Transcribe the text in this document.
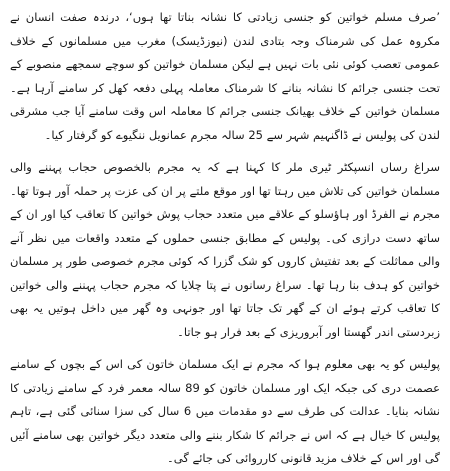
’صرف مسلم خواتین کو جنسی زیادتی کا نشانہ بناتا تھا ہوں‘، درندہ صفت انسان نے مکروہ عمل کی شرمناک وجہ بتادی لندن (نیوزڈیسک) مغرب میں مسلمانوں کے خلاف عمومی تعصب کوئی نئی بات نہیں ہے لیکن مسلمان خواتین کو سوچے سمجھے منصوبے کے تحت جنسی جرائم کا نشانہ بنانے کا شرمناک معاملہ پہلی دفعہ کھل کر سامنے آرہا ہے۔ مسلمان خواتین کے خلاف بھیانک جنسی جرائم کا معاملہ اس وقت سامنے آیا جب مشرقی لندن کی پولیس نے ڈاگنہیم شہر سے 25 سالہ مجرم عمانویل ننگیوے کو گرفتار کیا۔

سراغ رساں انسپکٹر ٹیری ملر کا کہنا ہے کہ یہ مجرم بالخصوص حجاب پہننے والی مسلمان خواتین کی تلاش میں رہتا تھا اور موقع ملتے پر ان کی عزت پر حملہ آور ہوتا تھا۔ مجرم نے الفرڈ اور ہاؤسلو کے علاقے میں متعدد حجاب پوش خواتین کا تعاقب کیا اور ان کے ساتھ دست درازی کی۔ پولیس کے مطابق جنسی حملوں کے متعدد واقعات میں نظر آنے والی مماثلت کے بعد تفتیش کاروں کو شک گزرا کہ کوئی مجرم خصوصی طور پر مسلمان خواتین کو ہدف بنا رہا تھا۔ سراغ رسانوں نے پتا چلایا کہ مجرم حجاب پہننے والی خواتین کا تعاقب کرتے ہوئے ان کے گھر تک جاتا تھا اور جونہی وہ گھر میں داخل ہوتیں یہ بھی زبردستی اندر گھستا اور آبروریزی کے بعد فرار ہو جاتا۔

پولیس کو یہ بھی معلوم ہوا کہ مجرم نے ایک مسلمان خاتون کی اس کے بچوں کے سامنے عصمت دری کی جبکہ ایک اور مسلمان خاتون کو 89 سالہ معمر فرد کے سامنے زیادتی کا نشانہ بنایا۔ عدالت کی طرف سے دو مقدمات میں 6 سال کی سزا سنائی گئی ہے، تاہم پولیس کا خیال ہے کہ اس نے جرائم کا شکار بننے والی متعدد دیگر خواتین بھی سامنے آئیں گی اور اس کے خلاف مزید قانونی کارروائی کی جائے گی۔
